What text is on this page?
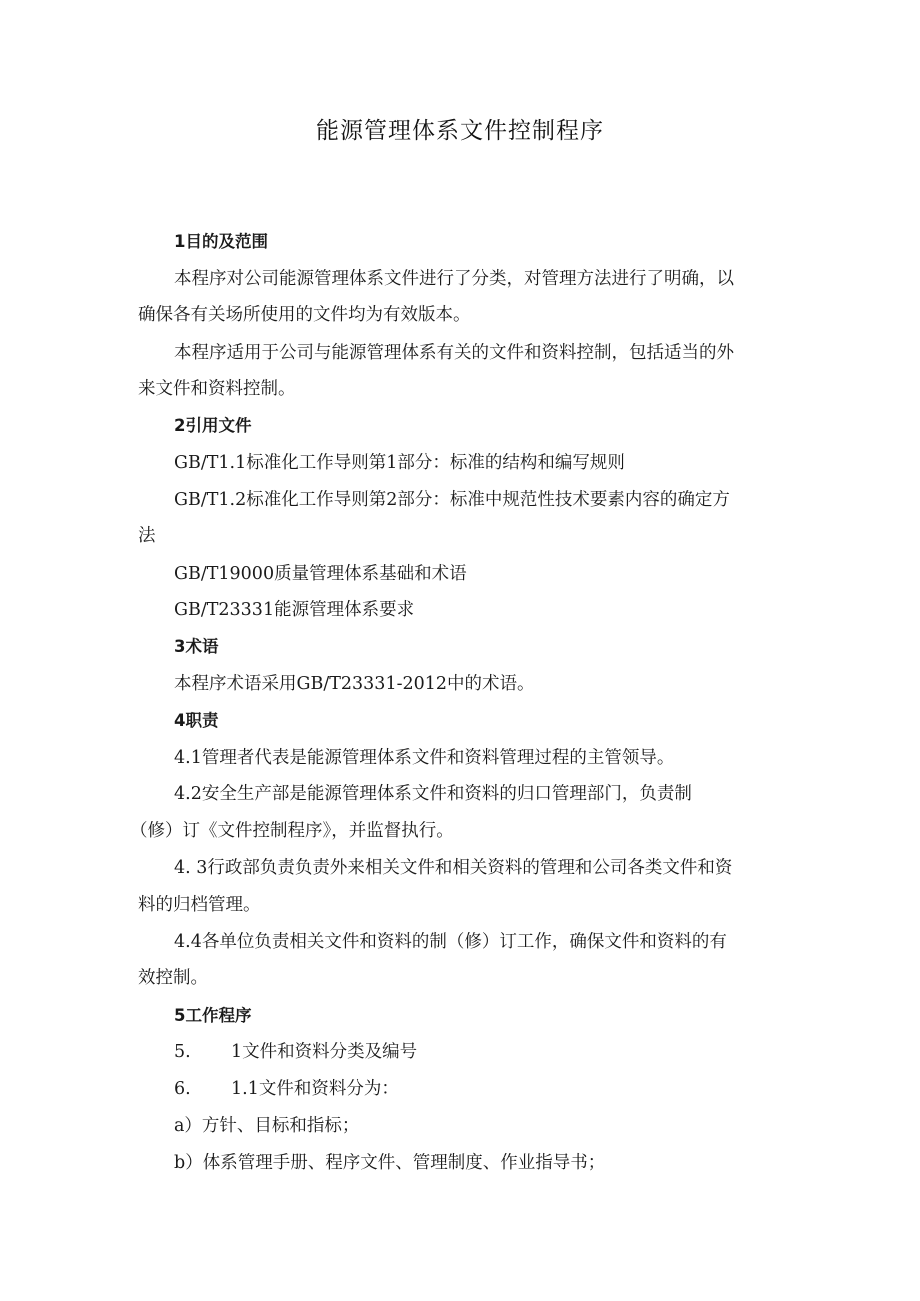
能源管理体系文件控制程序
1目的及范围
本程序对公司能源管理体系文件进行了分类，对管理方法进行了明确，以
确保各有关场所使用的文件均为有效版本。
本程序适用于公司与能源管理体系有关的文件和资料控制，包括适当的外
来文件和资料控制。
2引用文件
GB/T1.1标准化工作导则第1部分：标准的结构和编写规则
GB/T1.2标准化工作导则第2部分：标准中规范性技术要素内容的确定方
法
GB/T19000质量管理体系基础和术语
GB/T23331能源管理体系要求
3术语
本程序术语采用GB/T23331-2012中的术语。
4职责
4.1管理者代表是能源管理体系文件和资料管理过程的主管领导。
4.2安全生产部是能源管理体系文件和资料的归口管理部门，负责制
（修）订《文件控制程序》，并监督执行。
4. 3行政部负责负责外来相关文件和相关资料的管理和公司各类文件和资
料的归档管理。
4.4各单位负责相关文件和资料的制（修）订工作，确保文件和资料的有
效控制。
5工作程序
5. 1文件和资料分类及编号
6. 1.1文件和资料分为：
a）方针、目标和指标；
b）体系管理手册、程序文件、管理制度、作业指导书；
